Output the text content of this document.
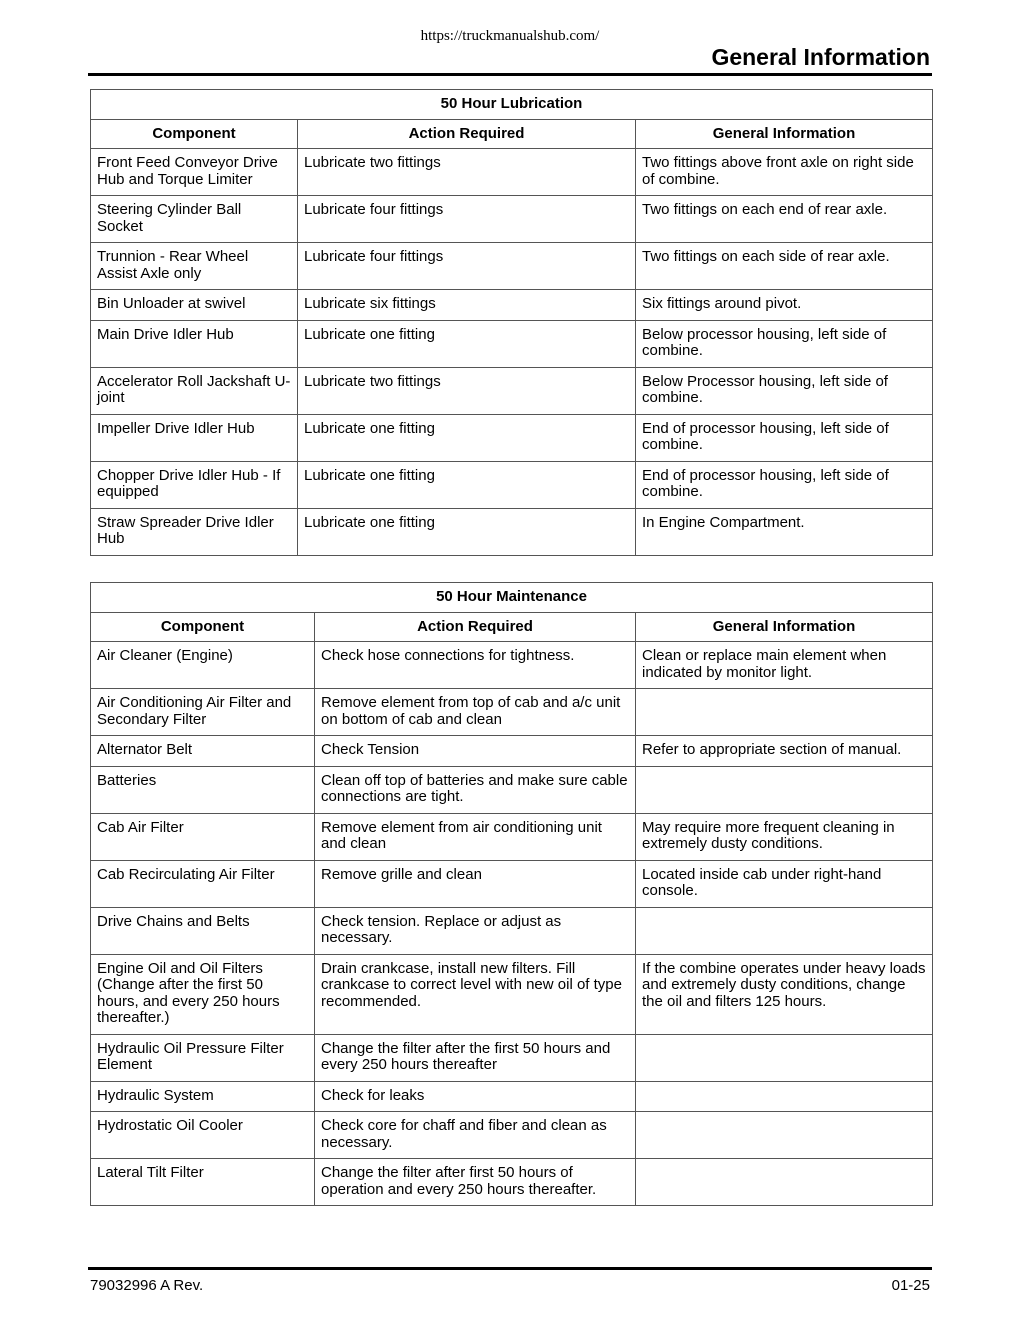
https://truckmanualshub.com/
General Information
50 Hour Lubrication		
Component	Action Required	General Information
Front Feed Conveyor Drive Hub and Torque Limiter	Lubricate two fittings	Two fittings above front axle on right side of combine.
Steering Cylinder Ball Socket	Lubricate four fittings	Two fittings on each end of rear axle.
Trunnion - Rear Wheel Assist Axle only	Lubricate four fittings	Two fittings on each side of rear axle.
Bin Unloader at swivel	Lubricate six fittings	Six fittings around pivot.
Main Drive Idler Hub	Lubricate one fitting	Below processor housing, left side of combine.
Accelerator Roll Jackshaft U-joint	Lubricate two fittings	Below Processor housing, left side of combine.
Impeller Drive Idler Hub	Lubricate one fitting	End of processor housing, left side of combine.
Chopper Drive Idler Hub - If equipped	Lubricate one fitting	End of processor housing, left side of combine.
Straw Spreader Drive Idler Hub	Lubricate one fitting	In Engine Compartment.
50 Hour Maintenance		
Component	Action Required	General Information
Air Cleaner (Engine)	Check hose connections for tightness.	Clean or replace main element when indicated by monitor light.
Air Conditioning Air Filter and Secondary Filter	Remove element from top of cab and a/c unit on bottom of cab and clean	
Alternator Belt	Check Tension	Refer to appropriate section of manual.
Batteries	Clean off top of batteries and make sure cable connections are tight.	
Cab Air Filter	Remove element from air conditioning unit and clean	May require more frequent cleaning in extremely dusty conditions.
Cab Recirculating Air Filter	Remove grille and clean	Located inside cab under right-hand console.
Drive Chains and Belts	Check tension. Replace or adjust as necessary.	
Engine Oil and Oil Filters (Change after the first 50 hours, and every 250 hours thereafter.)	Drain crankcase, install new filters. Fill crankcase to correct level with new oil of type recommended.	If the combine operates under heavy loads and extremely dusty conditions, change the oil and filters 125 hours.
Hydraulic Oil Pressure Filter Element	Change the filter after the first 50 hours and every 250 hours thereafter	
Hydraulic System	Check for leaks	
Hydrostatic Oil Cooler	Check core for chaff and fiber and clean as necessary.	
Lateral Tilt Filter	Change the filter after first 50 hours of operation and every 250 hours thereafter.	
79032996 A Rev.	01-25
